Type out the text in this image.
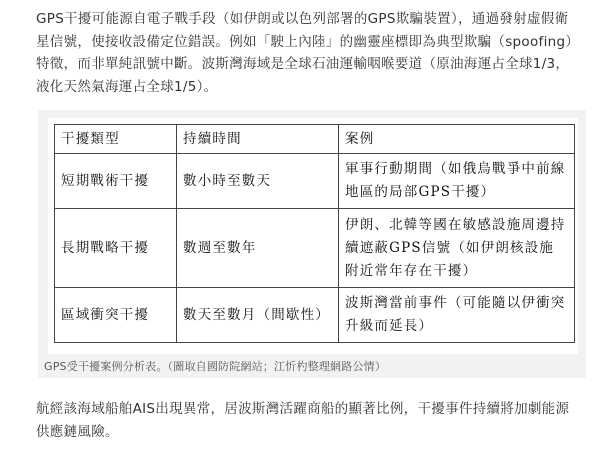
GPS干擾可能源自電子戰手段（如伊朗或以色列部署的GPS欺騙裝置），通過發射虛假衛星信號，使接收設備定位錯誤。例如「駛上內陸」的幽靈座標即為典型欺騙（spoofing）特徵，而非單純訊號中斷。波斯灣海域是全球石油運輸咽喉要道（原油海運占全球1/3，液化天然氣海運占全球1/5）。

干擾類型	持續時間	案例
短期戰術干擾	數小時至數天	軍事行動期間（如俄烏戰爭中前線地區的局部GPS干擾）
長期戰略干擾	數週至數年	伊朗、北韓等國在敏感設施周邊持續遮蔽GPS信號（如伊朗核設施附近常年存在干擾）
區域衝突干擾	數天至數月（間歇性）	波斯灣當前事件（可能隨以伊衝突升級而延長）
GPS受干擾案例分析表。（圖取自國防院網站；江忻杓整理網路公情）

航經該海域船舶AIS出現異常，居波斯灣活躍商船的顯著比例，干擾事件持續將加劇能源供應鏈風險。
